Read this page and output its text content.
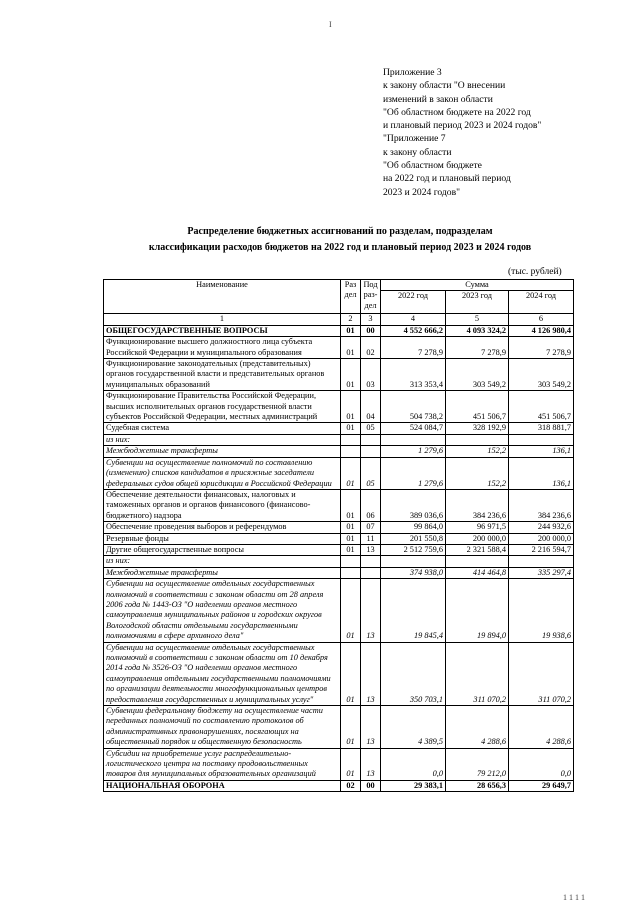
I
Приложение 3
к закону области "О внесении
изменений в закон области
"Об областном бюджете на 2022 год
и плановый период 2023 и 2024 годов"
"Приложение 7
к закону области
"Об областном бюджете
на 2022 год и плановый период
2023 и 2024 годов"
Распределение бюджетных ассигнований по разделам, подразделам
классификации расходов бюджетов на 2022 год и плановый период 2023 и 2024 годов
(тыс. рублей)
Наименование	Раз дел	Под раз-дел	Сумма		
			2022 год	2023 год	2024 год
1	2	3	4	5	6
ОБЩЕГОСУДАРСТВЕННЫЕ ВОПРОСЫ	01	00	4 552 666,2	4 093 324,2	4 126 980,4
Функционирование высшего должностного лица субъекта Российской Федерации и муниципального образования	01	02	7 278,9	7 278,9	7 278,9
Функционирование законодательных (представительных) органов государственной власти и представительных органов муниципальных образований	01	03	313 353,4	303 549,2	303 549,2
Функционирование Правительства Российской Федерации, высших исполнительных органов государственной власти субъектов Российской Федерации, местных администраций	01	04	504 738,2	451 506,7	451 506,7
Судебная система	01	05	524 084,7	328 192,9	318 881,7
из них:					
Межбюджетные трансферты			1 279,6	152,2	136,1
Субвенции на осуществление полномочий по составлению (изменению) списков кандидатов в присяжные заседатели федеральных судов общей юрисдикции в Российской Федерации	01	05	1 279,6	152,2	136,1
Обеспечение деятельности финансовых, налоговых и таможенных органов и органов финансового (финансово-бюджетного) надзора	01	06	389 036,6	384 236,6	384 236,6
Обеспечение проведения выборов и референдумов	01	07	99 864,0	96 971,5	244 932,6
Резервные фонды	01	11	201 550,8	200 000,0	200 000,0
Другие общегосударственные вопросы	01	13	2 512 759,6	2 321 588,4	2 216 594,7
из них:					
Межбюджетные трансферты			374 938,0	414 464,8	335 297,4
Субвенции на осуществление отдельных государственных полномочий в соответствии с законом области от 28 апреля 2006 года № 1443-ОЗ "О наделении органов местного самоуправления муниципальных районов и городских округов Вологодской области отдельными государственными полномочиями в сфере архивного дела"	01	13	19 845,4	19 894,0	19 938,6
Субвенции на осуществление отдельных государственных полномочий в соответствии с законом области от 10 декабря 2014 года № 3526-ОЗ "О наделении органов местного самоуправления отдельными государственными полномочиями по организации деятельности многофункциональных центров предоставления государственных и муниципальных услуг"	01	13	350 703,1	311 070,2	311 070,2
Субвенции федеральному бюджету на осуществление части переданных полномочий по составлению протоколов об административных правонарушениях, посягающих на общественный порядок и общественную безопасность	01	13	4 389,5	4 288,6	4 288,6
Субсидии на приобретение услуг распределительно-логистического центра на поставку продовольственных товаров для муниципальных образовательных организаций	01	13	0,0	79 212,0	0,0
НАЦИОНАЛЬНАЯ ОБОРОНА	02	00	29 383,1	28 656,3	29 649,7
1 1 1 1
